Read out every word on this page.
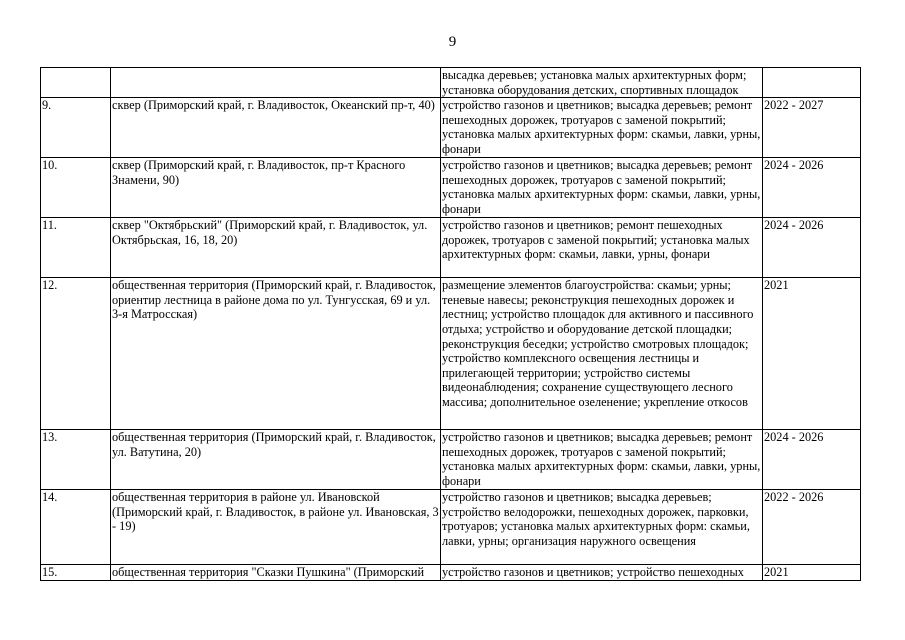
9
		высадка деревьев; установка малых архитектурных форм; установка оборудования детских, спортивных площадок	
9.	сквер (Приморский край, г. Владивосток, Океанский пр-т, 40)	устройство газонов и цветников; высадка деревьев; ремонт пешеходных дорожек, тротуаров с заменой покрытий; установка малых архитектурных форм: скамьи, лавки, урны, фонари	2022 - 2027
10.	сквер (Приморский край, г. Владивосток, пр-т Красного Знамени, 90)	устройство газонов и цветников; высадка деревьев; ремонт пешеходных дорожек, тротуаров с заменой покрытий; установка малых архитектурных форм: скамьи, лавки, урны, фонари	2024 - 2026
11.	сквер "Октябрьский" (Приморский край, г. Владивосток, ул. Октябрьская, 16, 18, 20)	устройство газонов и цветников; ремонт пешеходных дорожек, тротуаров с заменой покрытий; установка малых архитектурных форм: скамьи, лавки, урны, фонари	2024 - 2026
12.	общественная территория (Приморский край, г. Владивосток, ориентир лестница в районе дома по ул. Тунгусская, 69 и ул. 3-я Матросская)	размещение элементов благоустройства: скамьи; урны; теневые навесы; реконструкция пешеходных дорожек и лестниц; устройство площадок для активного и пассивного отдыха; устройство и оборудование детской площадки; реконструкция беседки; устройство смотровых площадок; устройство комплексного освещения лестницы и прилегающей территории; устройство системы видеонаблюдения; сохранение существующего лесного массива; дополнительное озеленение; укрепление откосов	2021
13.	общественная территория (Приморский край, г. Владивосток, ул. Ватутина, 20)	устройство газонов и цветников; высадка деревьев; ремонт пешеходных дорожек, тротуаров с заменой покрытий; установка малых архитектурных форм: скамьи, лавки, урны, фонари	2024 - 2026
14.	общественная территория в районе ул. Ивановской (Приморский край, г. Владивосток, в районе ул. Ивановская, 3 - 19)	устройство газонов и цветников; высадка деревьев; устройство велодорожки, пешеходных дорожек, парковки, тротуаров; установка малых архитектурных форм: скамьи, лавки, урны; организация наружного освещения	2022 - 2026
15.	общественная территория "Сказки Пушкина" (Приморский	устройство газонов и цветников; устройство пешеходных	2021
